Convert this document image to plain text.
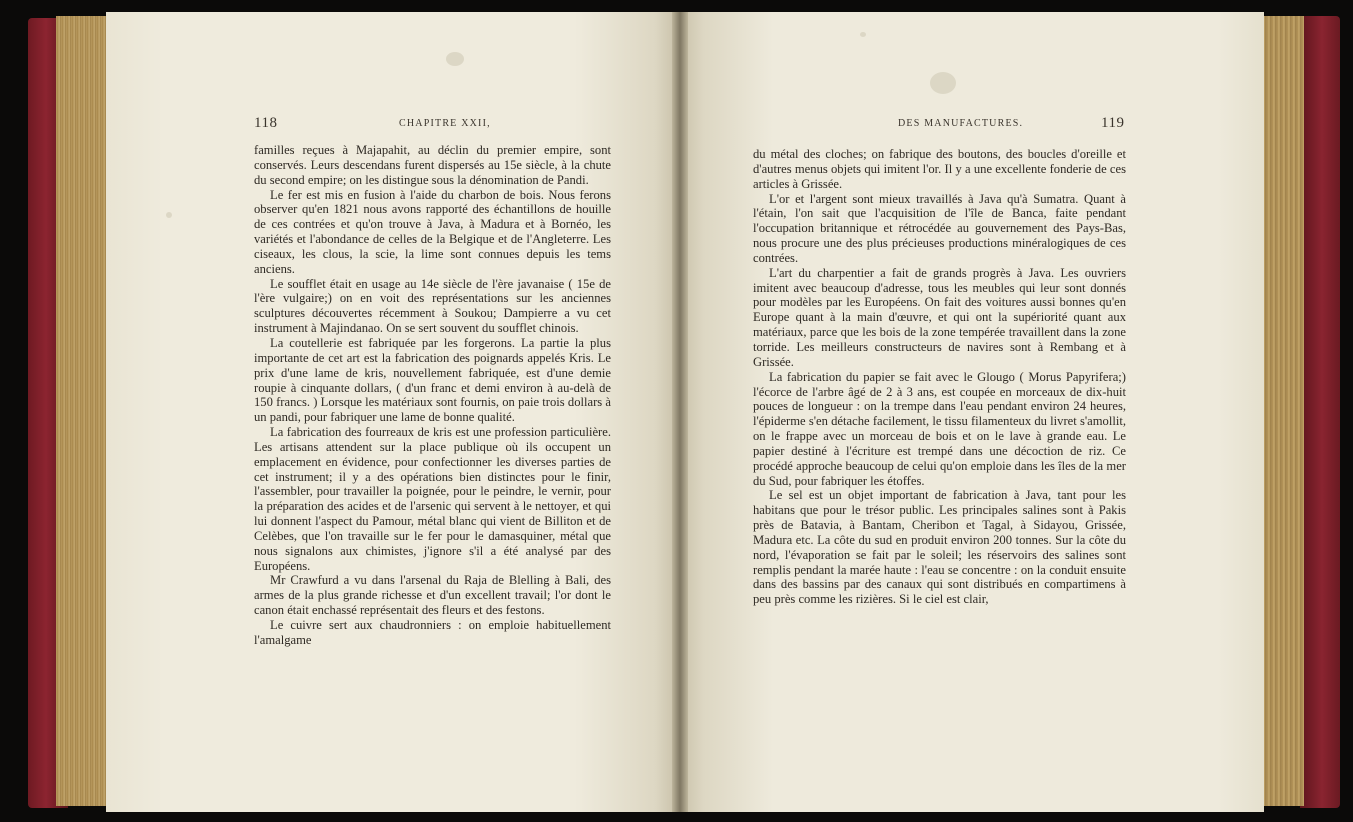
118	CHAPITRE XXII,	DES MANUFACTURES.	119

familles reçues à Majapahit, au déclin du premier empire, sont conservés. Leurs descendans furent dispersés au 15e siècle, à la chute du second empire; on les distingue sous la dénomination de Pandi.

Le fer est mis en fusion à l'aide du charbon de bois. Nous ferons observer qu'en 1821 nous avons rapporté des échantillons de houille de ces contrées et qu'on trouve à Java, à Madura et à Bornéo, les variétés et l'abondance de celles de la Belgique et de l'Angleterre. Les ciseaux, les clous, la scie, la lime sont connues depuis les tems anciens.

Le soufflet était en usage au 14e siècle de l'ère javanaise ( 15e de l'ère vulgaire;) on en voit des représentations sur les anciennes sculptures découvertes récemment à Soukou; Dampierre a vu cet instrument à Majindanao. On se sert souvent du soufflet chinois.

La coutellerie est fabriquée par les forgerons. La partie la plus importante de cet art est la fabrication des poignards appelés Kris. Le prix d'une lame de kris, nouvellement fabriquée, est d'une demie roupie à cinquante dollars, ( d'un franc et demi environ à au-delà de 150 francs. ) Lorsque les matériaux sont fournis, on paie trois dollars à un pandi, pour fabriquer une lame de bonne qualité.

La fabrication des fourreaux de kris est une profession particulière. Les artisans attendent sur la place publique où ils occupent un emplacement en évidence, pour confectionner les diverses parties de cet instrument; il y a des opérations bien distinctes pour le finir, l'assembler, pour travailler la poignée, pour le peindre, le vernir, pour la préparation des acides et de l'arsenic qui servent à le nettoyer, et qui lui donnent l'aspect du Pamour, métal blanc qui vient de Billiton et de Celèbes, que l'on travaille sur le fer pour le damasquiner, métal que nous signalons aux chimistes, j'ignore s'il a été analysé par des Européens.

Mr Crawfurd a vu dans l'arsenal du Raja de Blelling à Bali, des armes de la plus grande richesse et d'un excellent travail; l'or dont le canon était enchassé représentait des fleurs et des festons.

Le cuivre sert aux chaudronniers : on emploie habituellement l'amalgame

du métal des cloches; on fabrique des boutons, des boucles d'oreille et d'autres menus objets qui imitent l'or. Il y a une excellente fonderie de ces articles à Grissée.

L'or et l'argent sont mieux travaillés à Java qu'à Sumatra. Quant à l'étain, l'on sait que l'acquisition de l'île de Banca, faite pendant l'occupation britannique et rétrocédée au gouvernement des Pays-Bas, nous procure une des plus précieuses productions minéralogiques de ces contrées.

L'art du charpentier a fait de grands progrès à Java. Les ouvriers imitent avec beaucoup d'adresse, tous les meubles qui leur sont donnés pour modèles par les Européens. On fait des voitures aussi bonnes qu'en Europe quant à la main d'œuvre, et qui ont la supériorité quant aux matériaux, parce que les bois de la zone tempérée travaillent dans la zone torride. Les meilleurs constructeurs de navires sont à Rembang et à Grissée.

La fabrication du papier se fait avec le Glougo ( Morus Papyrifera;) l'écorce de l'arbre âgé de 2 à 3 ans, est coupée en morceaux de dix-huit pouces de longueur : on la trempe dans l'eau pendant environ 24 heures, l'épiderme s'en détache facilement, le tissu filamenteux du livret s'amollit, on le frappe avec un morceau de bois et on le lave à grande eau. Le papier destiné à l'écriture est trempé dans une décoction de riz. Ce procédé approche beaucoup de celui qu'on emploie dans les îles de la mer du Sud, pour fabriquer les étoffes.

Le sel est un objet important de fabrication à Java, tant pour les habitans que pour le trésor public. Les principales salines sont à Pakis près de Batavia, à Bantam, Cheribon et Tagal, à Sidayou, Grissée, Madura etc. La côte du sud en produit environ 200 tonnes. Sur la côte du nord, l'évaporation se fait par le soleil; les réservoirs des salines sont remplis pendant la marée haute : l'eau se concentre : on la conduit ensuite dans des bassins par des canaux qui sont distribués en compartimens à peu près comme les rizières. Si le ciel est clair,
